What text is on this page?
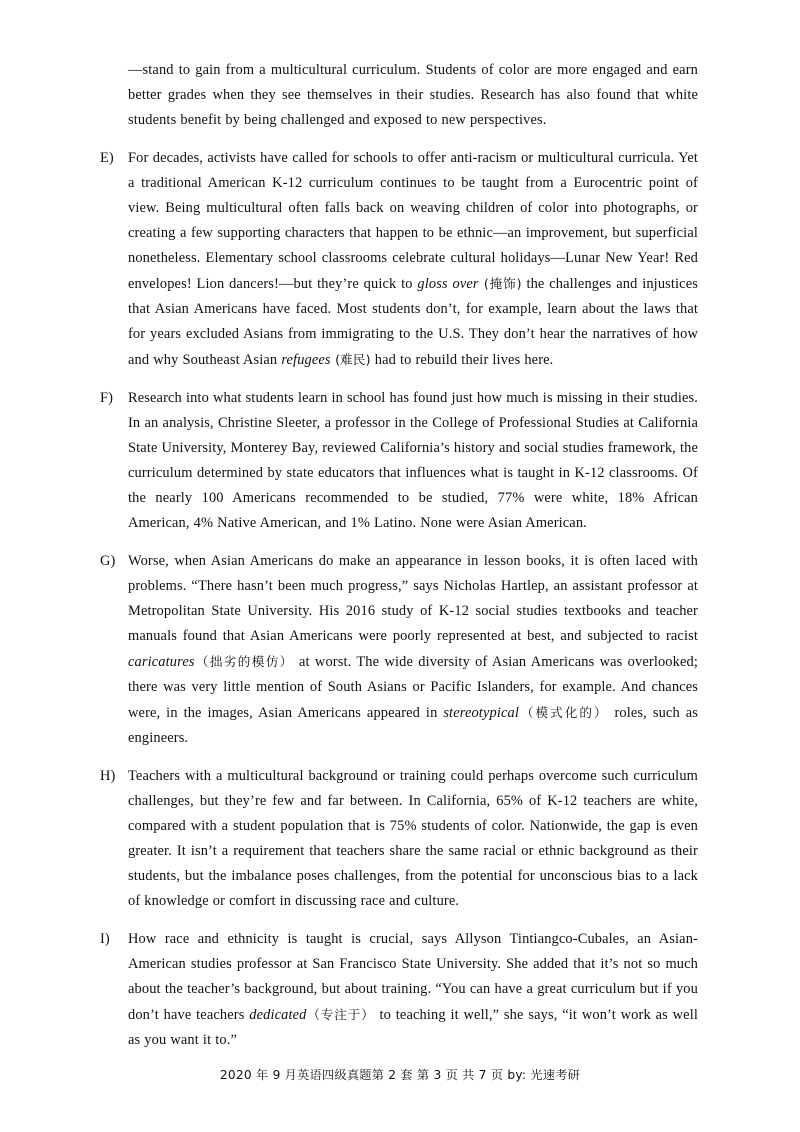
—stand to gain from a multicultural curriculum. Students of color are more engaged and earn better grades when they see themselves in their studies. Research has also found that white students benefit by being challenged and exposed to new perspectives.
E) For decades, activists have called for schools to offer anti-racism or multicultural curricula. Yet a traditional American K-12 curriculum continues to be taught from a Eurocentric point of view. Being multicultural often falls back on weaving children of color into photographs, or creating a few supporting characters that happen to be ethnic—an improvement, but superficial nonetheless. Elementary school classrooms celebrate cultural holidays—Lunar New Year! Red envelopes! Lion dancers!—but they’re quick to gloss over (掩饰) the challenges and injustices that Asian Americans have faced. Most students don’t, for example, learn about the laws that for years excluded Asians from immigrating to the U.S. They don’t hear the narratives of how and why Southeast Asian refugees (难民) had to rebuild their lives here.
F)	Research into what students learn in school has found just how much is missing in their studies. In an analysis, Christine Sleeter, a professor in the College of Professional Studies at California State University, Monterey Bay, reviewed California’s history and social studies framework, the curriculum determined by state educators that influences what is taught in K-12 classrooms. Of the nearly 100 Americans recommended to be studied, 77% were white, 18% African American, 4% Native American, and 1% Latino. None were Asian American.
G) Worse, when Asian Americans do make an appearance in lesson books, it is often laced with problems. “There hasn’t been much progress,” says Nicholas Hartlep, an assistant professor at Metropolitan State University. His 2016 study of K-12 social studies textbooks and teacher manuals found that Asian Americans were poorly represented at best, and subjected to racist caricatures（拙劣的模仿） at worst. The wide diversity of Asian Americans was overlooked; there was very little mention of South Asians or Pacific Islanders, for example. And chances were, in the images, Asian Americans appeared in stereotypical（模式化的） roles, such as engineers.
H) Teachers with a multicultural background or training could perhaps overcome such curriculum challenges, but they’re few and far between. In California, 65% of K-12 teachers are white, compared with a student population that is 75% students of color. Nationwide, the gap is even greater. It isn’t a requirement that teachers share the same racial or ethnic background as their students, but the imbalance poses challenges, from the potential for unconscious bias to a lack of knowledge or comfort in discussing race and culture.
I)	How race and ethnicity is taught is crucial, says Allyson Tintiangco-Cubales, an Asian-American studies professor at San Francisco State University. She added that it’s not so much about the teacher’s background, but about training. “You can have a great curriculum but if you don’t have teachers dedicated（专注于） to teaching it well,” she says, “it won’t work as well as you want it to.”
2020 年 9 月英语四级真题第 2 套 第 3 页 共 7 页 by: 光速考研
